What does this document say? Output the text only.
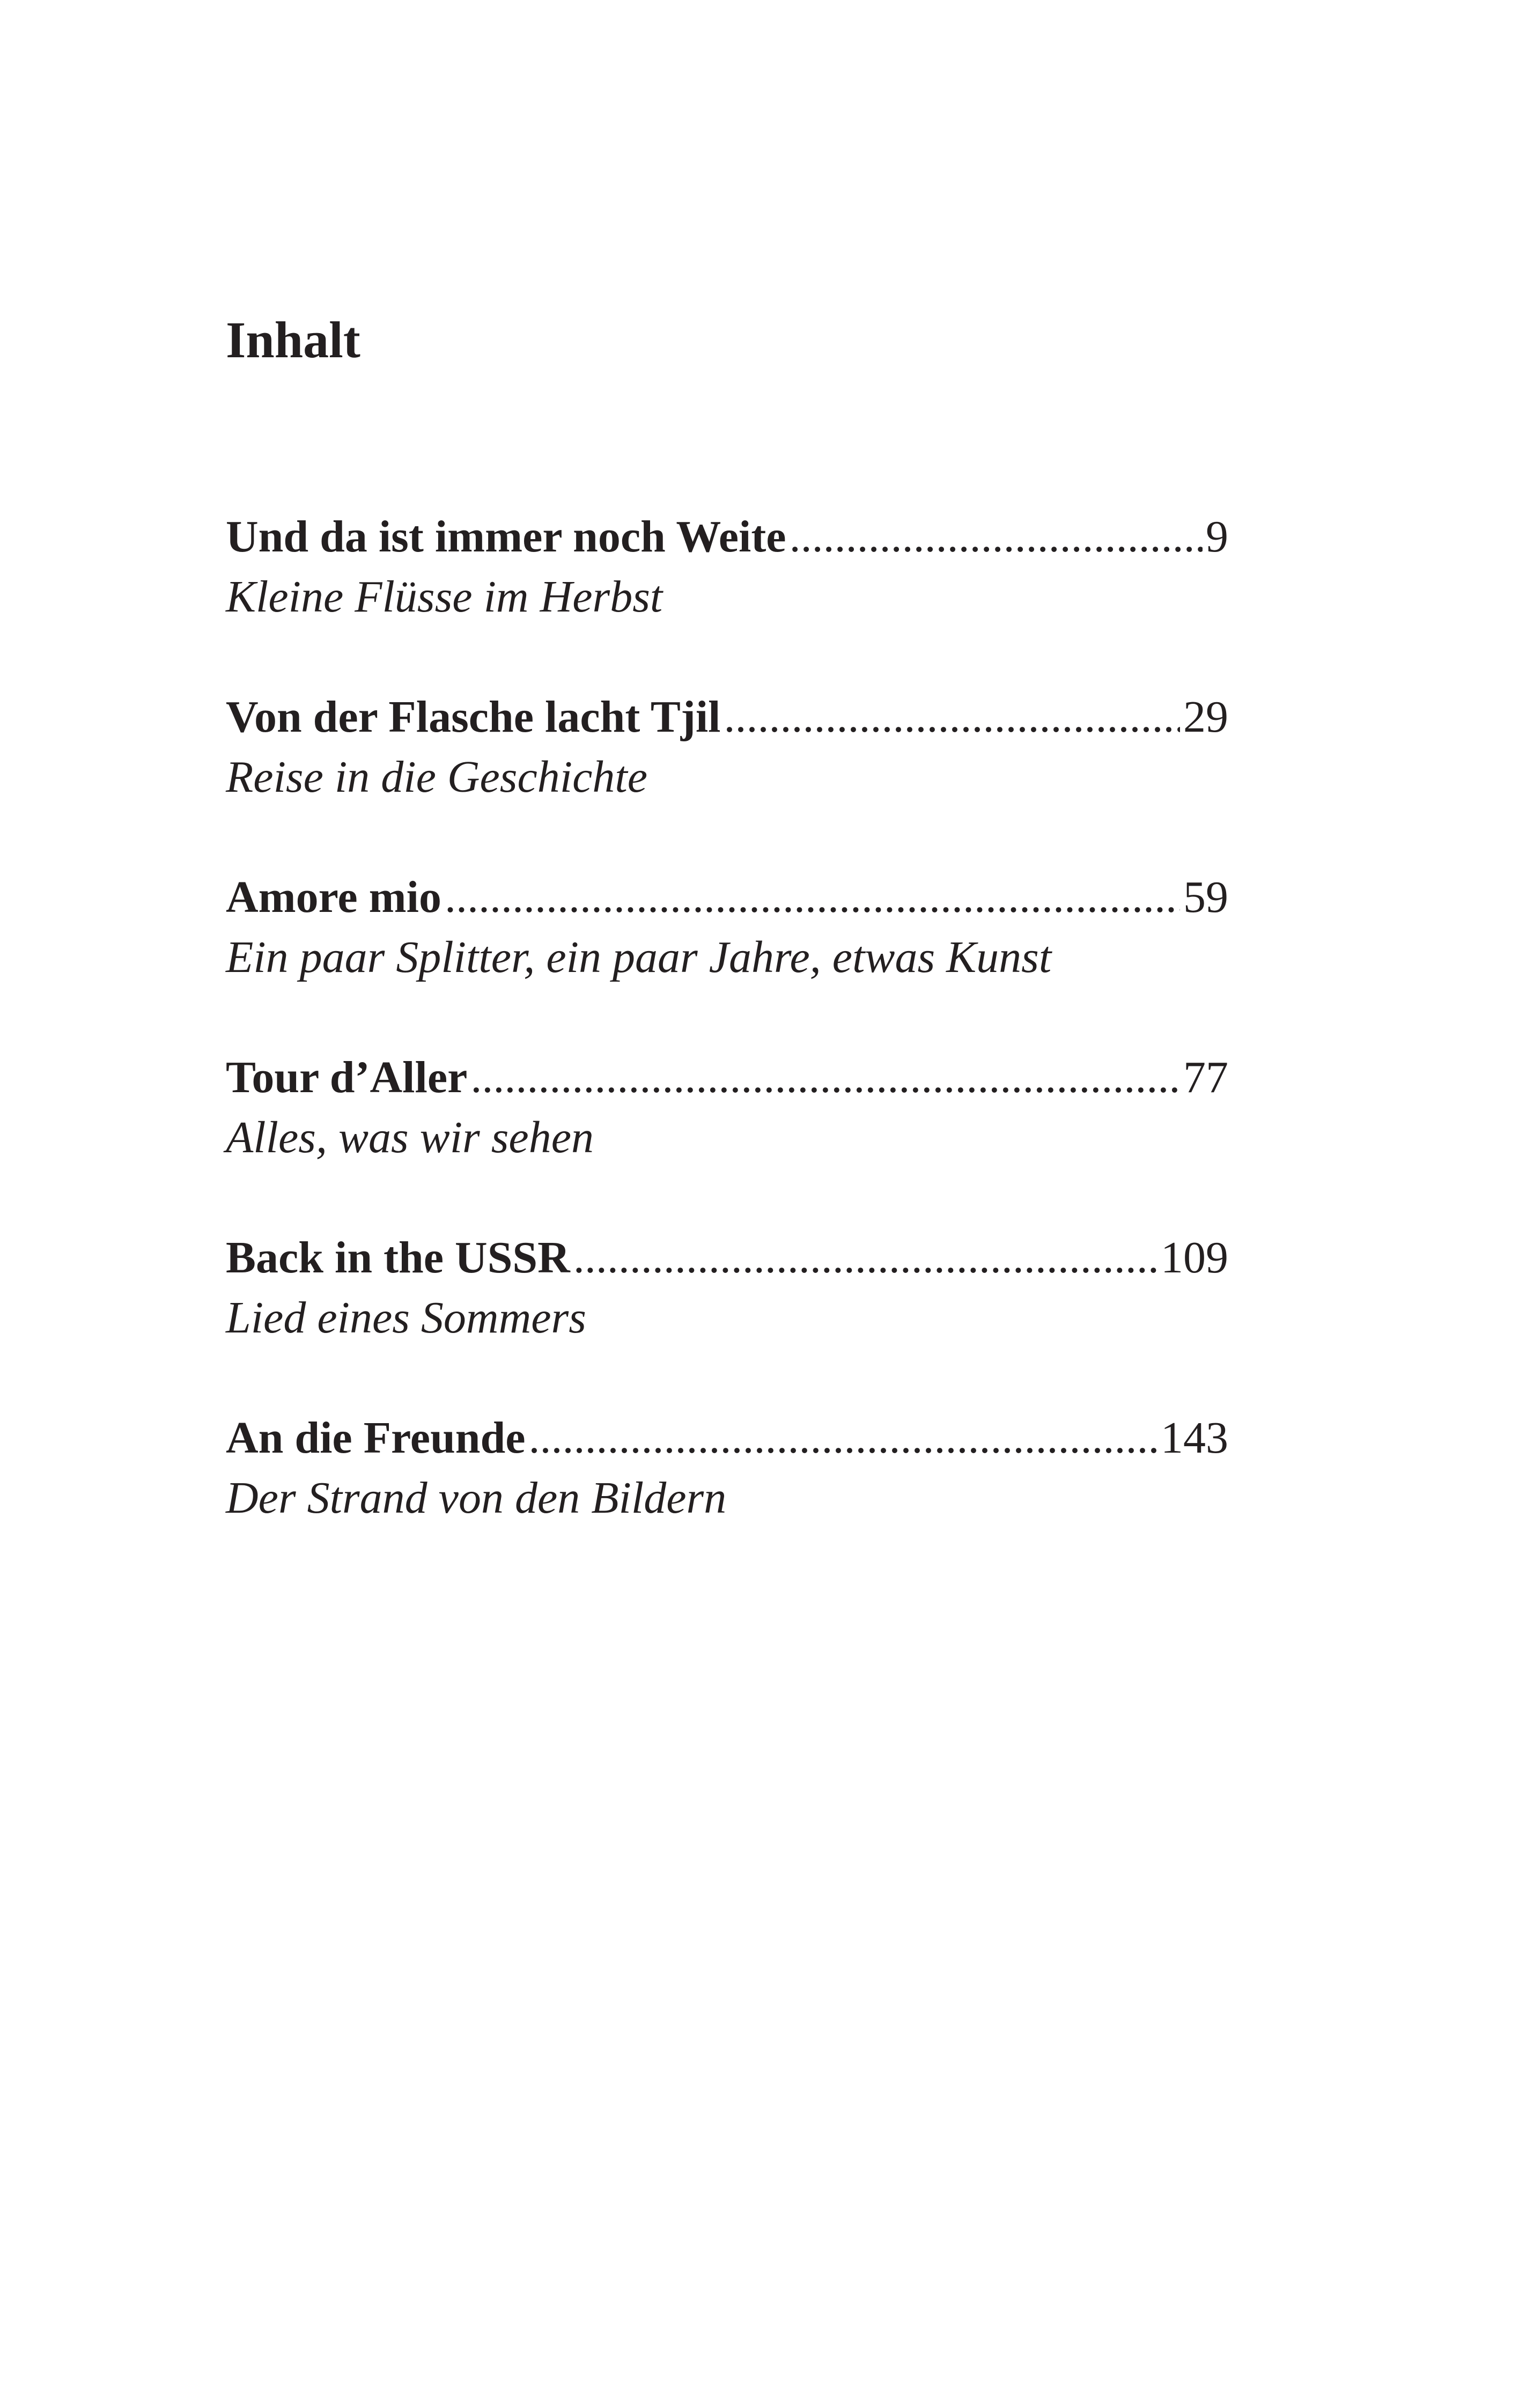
Inhalt
Und da ist immer noch Weite .....	9
Kleine Flüsse im Herbst
Von der Flasche lacht Tjil .....	29
Reise in die Geschichte
Amore mio .....	59
Ein paar Splitter, ein paar Jahre, etwas Kunst
Tour d’Aller .....	77
Alles, was wir sehen
Back in the USSR .....	109
Lied eines Sommers
An die Freunde .....	143
Der Strand von den Bildern
